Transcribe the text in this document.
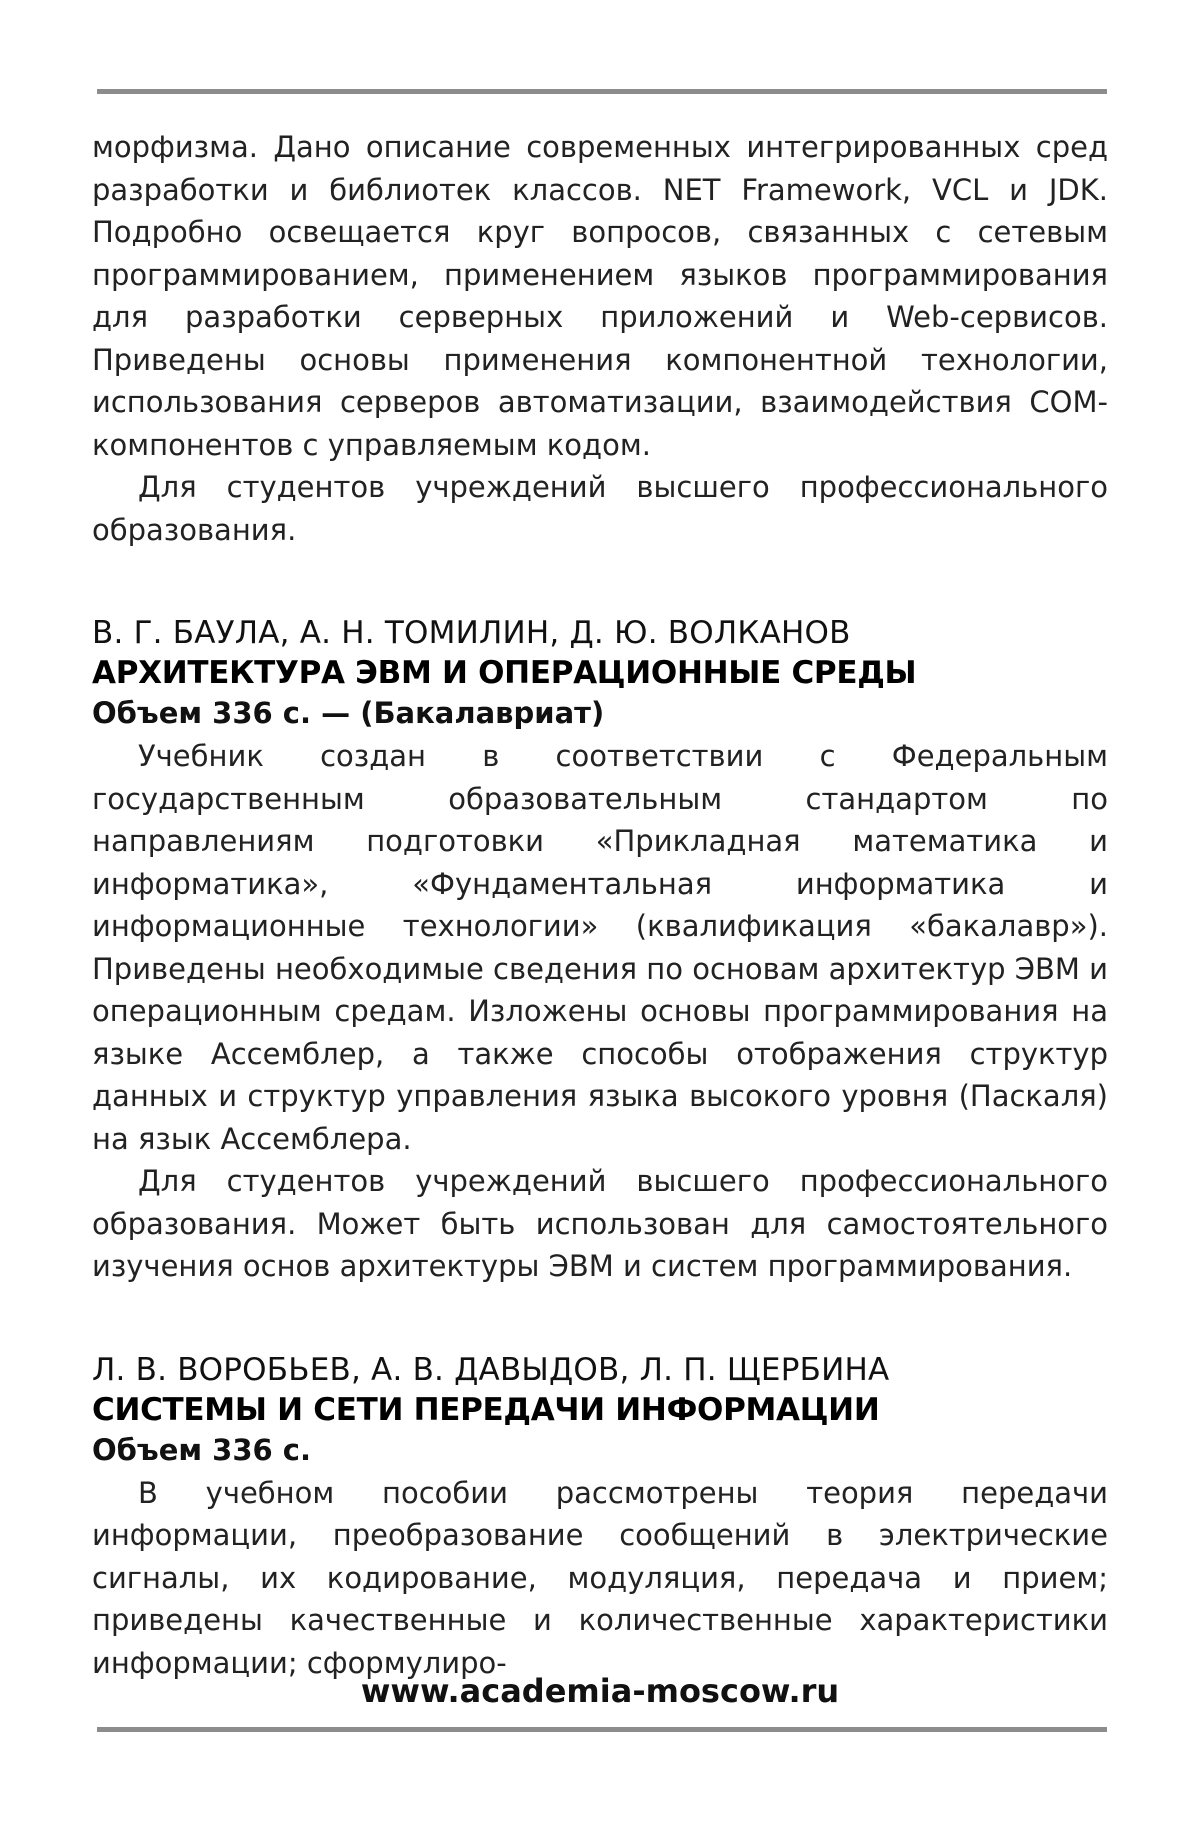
морфизма. Дано описание современных интегрированных сред разработки и библиотек классов. NET Framework, VCL и JDK. Подробно освещается круг вопросов, связанных с сетевым программированием, применением языков программирования для разработки серверных приложений и Web-сервисов. Приведены основы применения компонентной технологии, использования серверов автоматизации, взаимодействия COM-компонентов с управляемым кодом.

Для студентов учреждений высшего профессионального образования.

В. Г. БАУЛА, А. Н. ТОМИЛИН, Д. Ю. ВОЛКАНОВ

АРХИТЕКТУРА ЭВМ И ОПЕРАЦИОННЫЕ СРЕДЫ

Объем 336 с. — (Бакалавриат)

Учебник создан в соответствии с Федеральным государственным образовательным стандартом по направлениям подготовки «Прикладная математика и информатика», «Фундаментальная информатика и информационные технологии» (квалификация «бакалавр»). Приведены необходимые сведения по основам архитектур ЭВМ и операционным средам. Изложены основы программирования на языке Ассемблер, а также способы отображения структур данных и структур управления языка высокого уровня (Паскаля) на язык Ассемблера.

Для студентов учреждений высшего профессионального образования. Может быть использован для самостоятельного изучения основ архитектуры ЭВМ и систем программирования.

Л. В. ВОРОБЬЕВ, А. В. ДАВЫДОВ, Л. П. ЩЕРБИНА

СИСТЕМЫ И СЕТИ ПЕРЕДАЧИ ИНФОРМАЦИИ

Объем 336 с.

В учебном пособии рассмотрены теория передачи информации, преобразование сообщений в электрические сигналы, их кодирование, модуляция, передача и прием; приведены качественные и количественные характеристики информации; сформулиро-

www.academia-moscow.ru
